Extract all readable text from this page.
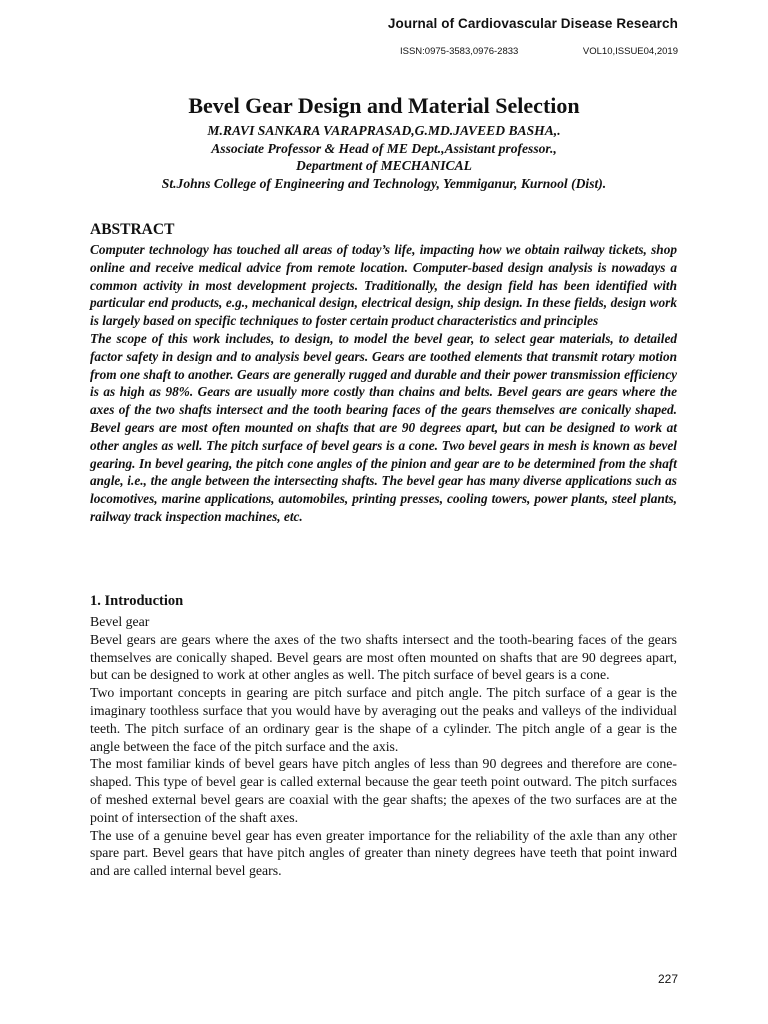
Journal of Cardiovascular Disease Research
ISSN:0975-3583,0976-2833	VOL10,ISSUE04,2019
Bevel Gear Design and Material Selection
M.RAVI SANKARA VARAPRASAD,G.MD.JAVEED BASHA,.
Associate Professor & Head of ME Dept.,Assistant professor.,
Department of MECHANICAL
St.Johns College of Engineering and Technology, Yemmiganur, Kurnool (Dist).
ABSTRACT

Computer technology has touched all areas of today’s life, impacting how we obtain railway tickets, shop online and receive medical advice from remote location. Computer-based design analysis is nowadays a common activity in most development projects. Traditionally, the design field has been identified with particular end products, e.g., mechanical design, electrical design, ship design. In these fields, design work is largely based on specific techniques to foster certain product characteristics and principles

The scope of this work includes, to design, to model the bevel gear, to select gear materials, to detailed factor safety in design and to analysis bevel gears. Gears are toothed elements that transmit rotary motion from one shaft to another. Gears are generally rugged and durable and their power transmission efficiency is as high as 98%. Gears are usually more costly than chains and belts. Bevel gears are gears where the axes of the two shafts intersect and the tooth bearing faces of the gears themselves are conically shaped. Bevel gears are most often mounted on shafts that are 90 degrees apart, but can be designed to work at other angles as well. The pitch surface of bevel gears is a cone. Two bevel gears in mesh is known as bevel gearing. In bevel gearing, the pitch cone angles of the pinion and gear are to be determined from the shaft angle, i.e., the angle between the intersecting shafts. The bevel gear has many diverse applications such as locomotives, marine applications, automobiles, printing presses, cooling towers, power plants, steel plants, railway track inspection machines, etc.

1. Introduction

Bevel gear

Bevel gears are gears where the axes of the two shafts intersect and the tooth-bearing faces of the gears themselves are conically shaped. Bevel gears are most often mounted on shafts that are 90 degrees apart, but can be designed to work at other angles as well. The pitch surface of bevel gears is a cone.

Two important concepts in gearing are pitch surface and pitch angle. The pitch surface of a gear is the imaginary toothless surface that you would have by averaging out the peaks and valleys of the individual teeth. The pitch surface of an ordinary gear is the shape of a cylinder. The pitch angle of a gear is the angle between the face of the pitch surface and the axis.

The most familiar kinds of bevel gears have pitch angles of less than 90 degrees and therefore are cone-shaped. This type of bevel gear is called external because the gear teeth point outward. The pitch surfaces of meshed external bevel gears are coaxial with the gear shafts; the apexes of the two surfaces are at the point of intersection of the shaft axes.

The use of a genuine bevel gear has even greater importance for the reliability of the axle than any other spare part. Bevel gears that have pitch angles of greater than ninety degrees have teeth that point inward and are called internal bevel gears.

227
